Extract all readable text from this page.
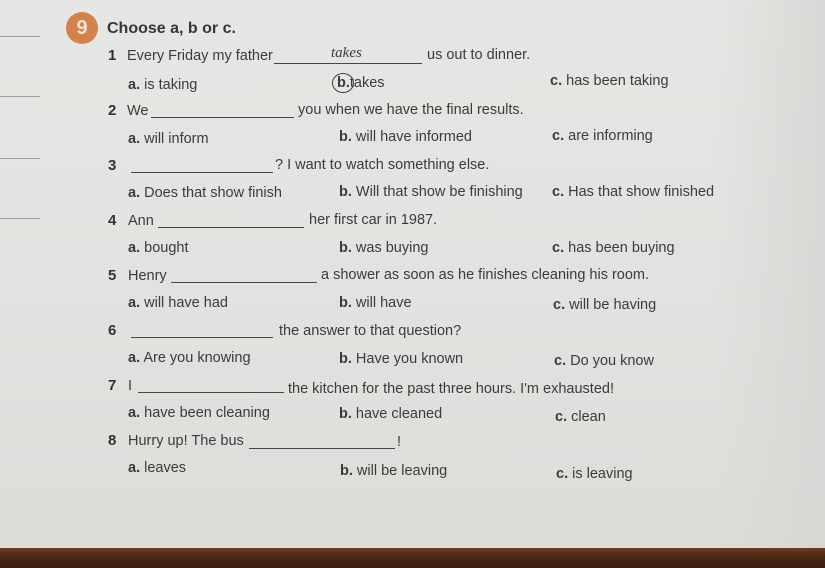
9	Choose a, b or c.
1 Every Friday my father	takes	us out to dinner.
a. is taking	b.takes	c. has been taking
2 We	you when we have the final results.
a. will inform	b. will have informed	c. are informing
3	? I want to watch something else.
a. Does that show finish	b. Will that show be finishing c. Has that show finished
4 Ann	her first car in 1987.
a. bought	b. was buying	c. has been buying
5 Henry	a shower as soon as he finishes cleaning his room.
a. will have had	b. will have	c. will be having
6	the answer to that question?
a. Are you knowing	b. Have you known	c. Do you know
7 I	the kitchen for the past three hours. I'm exhausted!
a. have been cleaning	b. have cleaned	c. clean
8 Hurry up! The bus	!
a. leaves	b. will be leaving	c. is leaving
